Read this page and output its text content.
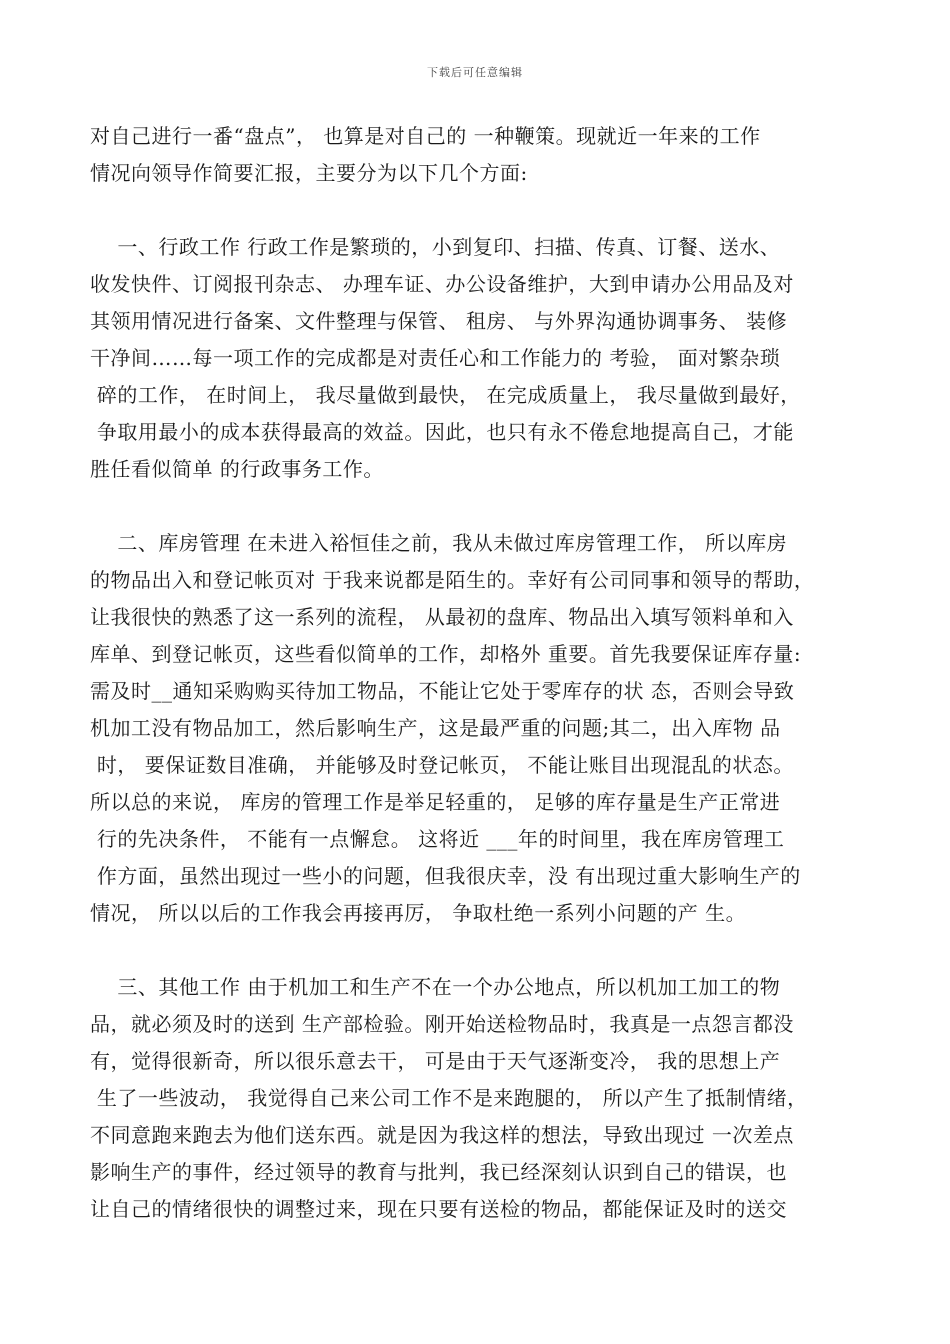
下载后可任意编辑
对自己进行一番“盘点”， 也算是对自己的 一种鞭策。现就近一年来的工作
情况向领导作简要汇报，主要分为以下几个方面:
一、行政工作 行政工作是繁琐的，小到复印、扫描、传真、订餐、送水、
收发快件、订阅报刊杂志、 办理车证、办公设备维护，大到申请办公用品及对
其领用情况进行备案、文件整理与保管、 租房、 与外界沟通协调事务、 装修
干净间……每一项工作的完成都是对责任心和工作能力的 考验， 面对繁杂琐
碎的工作， 在时间上， 我尽量做到最快， 在完成质量上， 我尽量做到最好，
争取用最小的成本获得最高的效益。因此，也只有永不倦怠地提高自己，才能
胜任看似简单 的行政事务工作。
二、库房管理 在未进入裕恒佳之前，我从未做过库房管理工作， 所以库房
的物品出入和登记帐页对 于我来说都是陌生的。幸好有公司同事和领导的帮助，
让我很快的熟悉了这一系列的流程， 从最初的盘库、物品出入填写领料单和入
库单、到登记帐页，这些看似简单的工作，却格外 重要。首先我要保证库存量:
需及时__通知采购购买待加工物品，不能让它处于零库存的状 态，否则会导致
机加工没有物品加工，然后影响生产，这是最严重的问题;其二，出入库物 品
时， 要保证数目准确， 并能够及时登记帐页， 不能让账目出现混乱的状态。
所以总的来说， 库房的管理工作是举足轻重的， 足够的库存量是生产正常进
行的先决条件， 不能有一点懈怠。 这将近 ___年的时间里，我在库房管理工
作方面，虽然出现过一些小的问题，但我很庆幸，没 有出现过重大影响生产的
情况， 所以以后的工作我会再接再厉， 争取杜绝一系列小问题的产 生。
三、其他工作 由于机加工和生产不在一个办公地点，所以机加工加工的物
品，就必须及时的送到 生产部检验。刚开始送检物品时，我真是一点怨言都没
有，觉得很新奇，所以很乐意去干， 可是由于天气逐渐变冷， 我的思想上产
生了一些波动， 我觉得自己来公司工作不是来跑腿的， 所以产生了抵制情绪，
不同意跑来跑去为他们送东西。就是因为我这样的想法，导致出现过 一次差点
影响生产的事件，经过领导的教育与批判，我已经深刻认识到自己的错误，也
让自己的情绪很快的调整过来，现在只要有送检的物品，都能保证及时的送交
